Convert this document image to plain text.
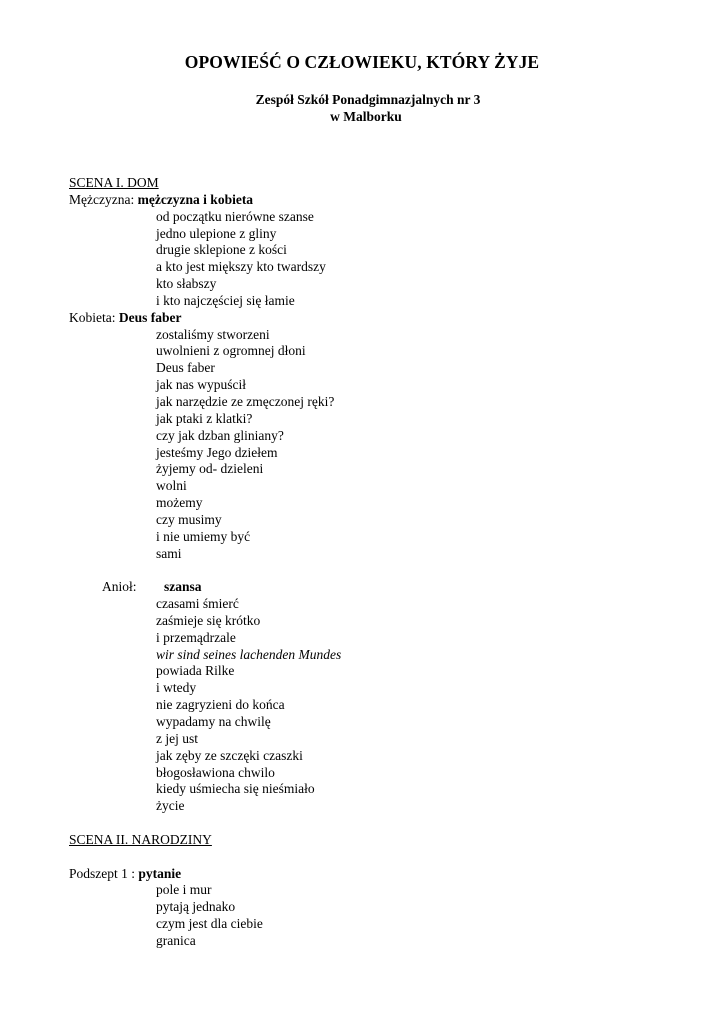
OPOWIEŚĆ O CZŁOWIEKU, KTÓRY ŻYJE
Zespół Szkół Ponadgimnazjalnych nr 3
w Malborku
SCENA I. DOM
Mężczyzna: mężczyzna i kobieta
od początku nierówne szanse
jedno ulepione z gliny
drugie sklepione z kości
a kto jest miększy kto twardszy
kto słabszy
i kto najczęściej się łamie
Kobieta: Deus faber
zostaliśmy stworzeni
uwolnieni z ogromnej dłoni
Deus faber
jak nas wypuścił
jak narzędzie ze zmęczonej ręki?
jak ptaki z klatki?
czy jak dzban gliniany?
jesteśmy Jego dziełem
żyjemy od- dzieleni
wolni
możemy
czy musimy
i nie umiemy być
sami
Anioł: szansa
czasami śmierć
zaśmieje się krótko
i przemądrzale
wir sind seines lachenden Mundes
powiada Rilke
i wtedy
nie zagryzieni do końca
wypadamy na chwilę
z jej ust
jak zęby ze szczęki czaszki
błogosławiona chwilo
kiedy uśmiecha się nieśmiało
życie
SCENA II. NARODZINY
Podszept 1 : pytanie
pole i mur
pytają jednako
czym jest dla ciebie
granica
